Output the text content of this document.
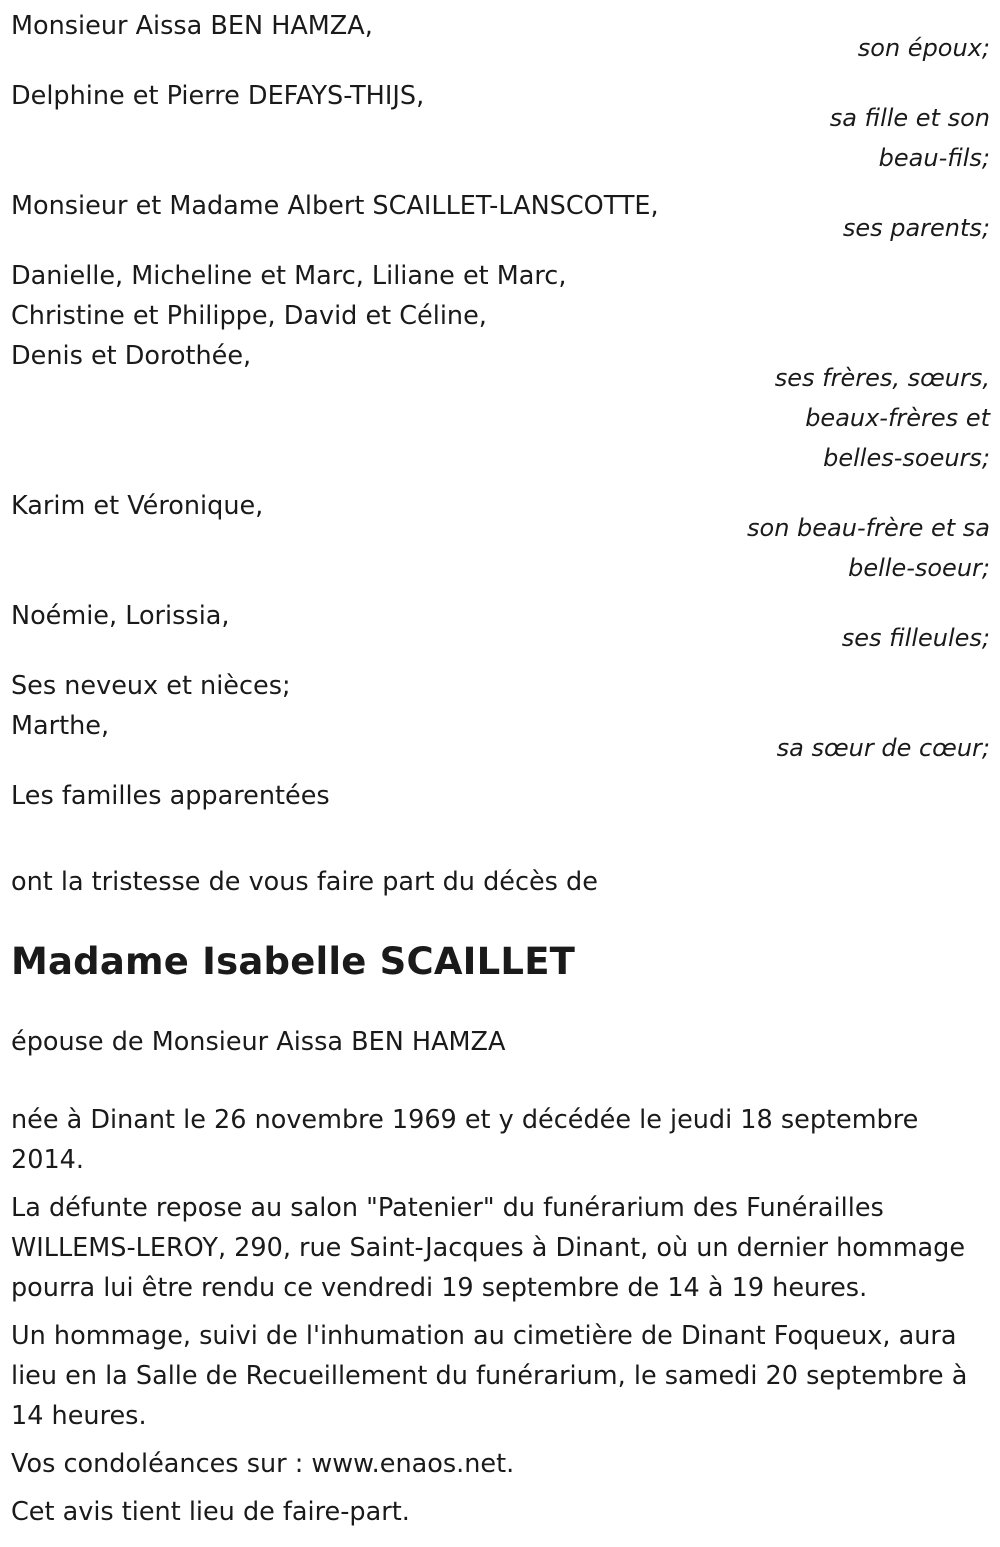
Monsieur Aissa BEN HAMZA,

son époux;

Delphine et Pierre DEFAYS-THIJS,

sa fille et son

beau-fils;

Monsieur et Madame Albert SCAILLET-LANSCOTTE,

ses parents;

Danielle, Micheline et Marc, Liliane et Marc,

Christine et Philippe, David et Céline,

Denis et Dorothée,

ses frères, sœurs,

beaux-frères et

belles-soeurs;

Karim et Véronique,

son beau-frère et sa

belle-soeur;

Noémie, Lorissia,

ses filleules;

Ses neveux et nièces;

Marthe,

sa sœur de cœur;

Les familles apparentées

ont la tristesse de vous faire part du décès de

Madame Isabelle SCAILLET

épouse de Monsieur Aissa BEN HAMZA

née à Dinant le 26 novembre 1969 et y décédée le jeudi 18 septembre 2014.

La défunte repose au salon "Patenier" du funérarium des Funérailles WILLEMS-LEROY, 290, rue Saint-Jacques à Dinant, où un dernier hommage pourra lui être rendu ce vendredi 19 septembre de 14 à 19 heures.

Un hommage, suivi de l'inhumation au cimetière de Dinant Foqueux, aura lieu en la Salle de Recueillement du funérarium, le samedi 20 septembre à 14 heures.

Vos condoléances sur : www.enaos.net.

Cet avis tient lieu de faire-part.
